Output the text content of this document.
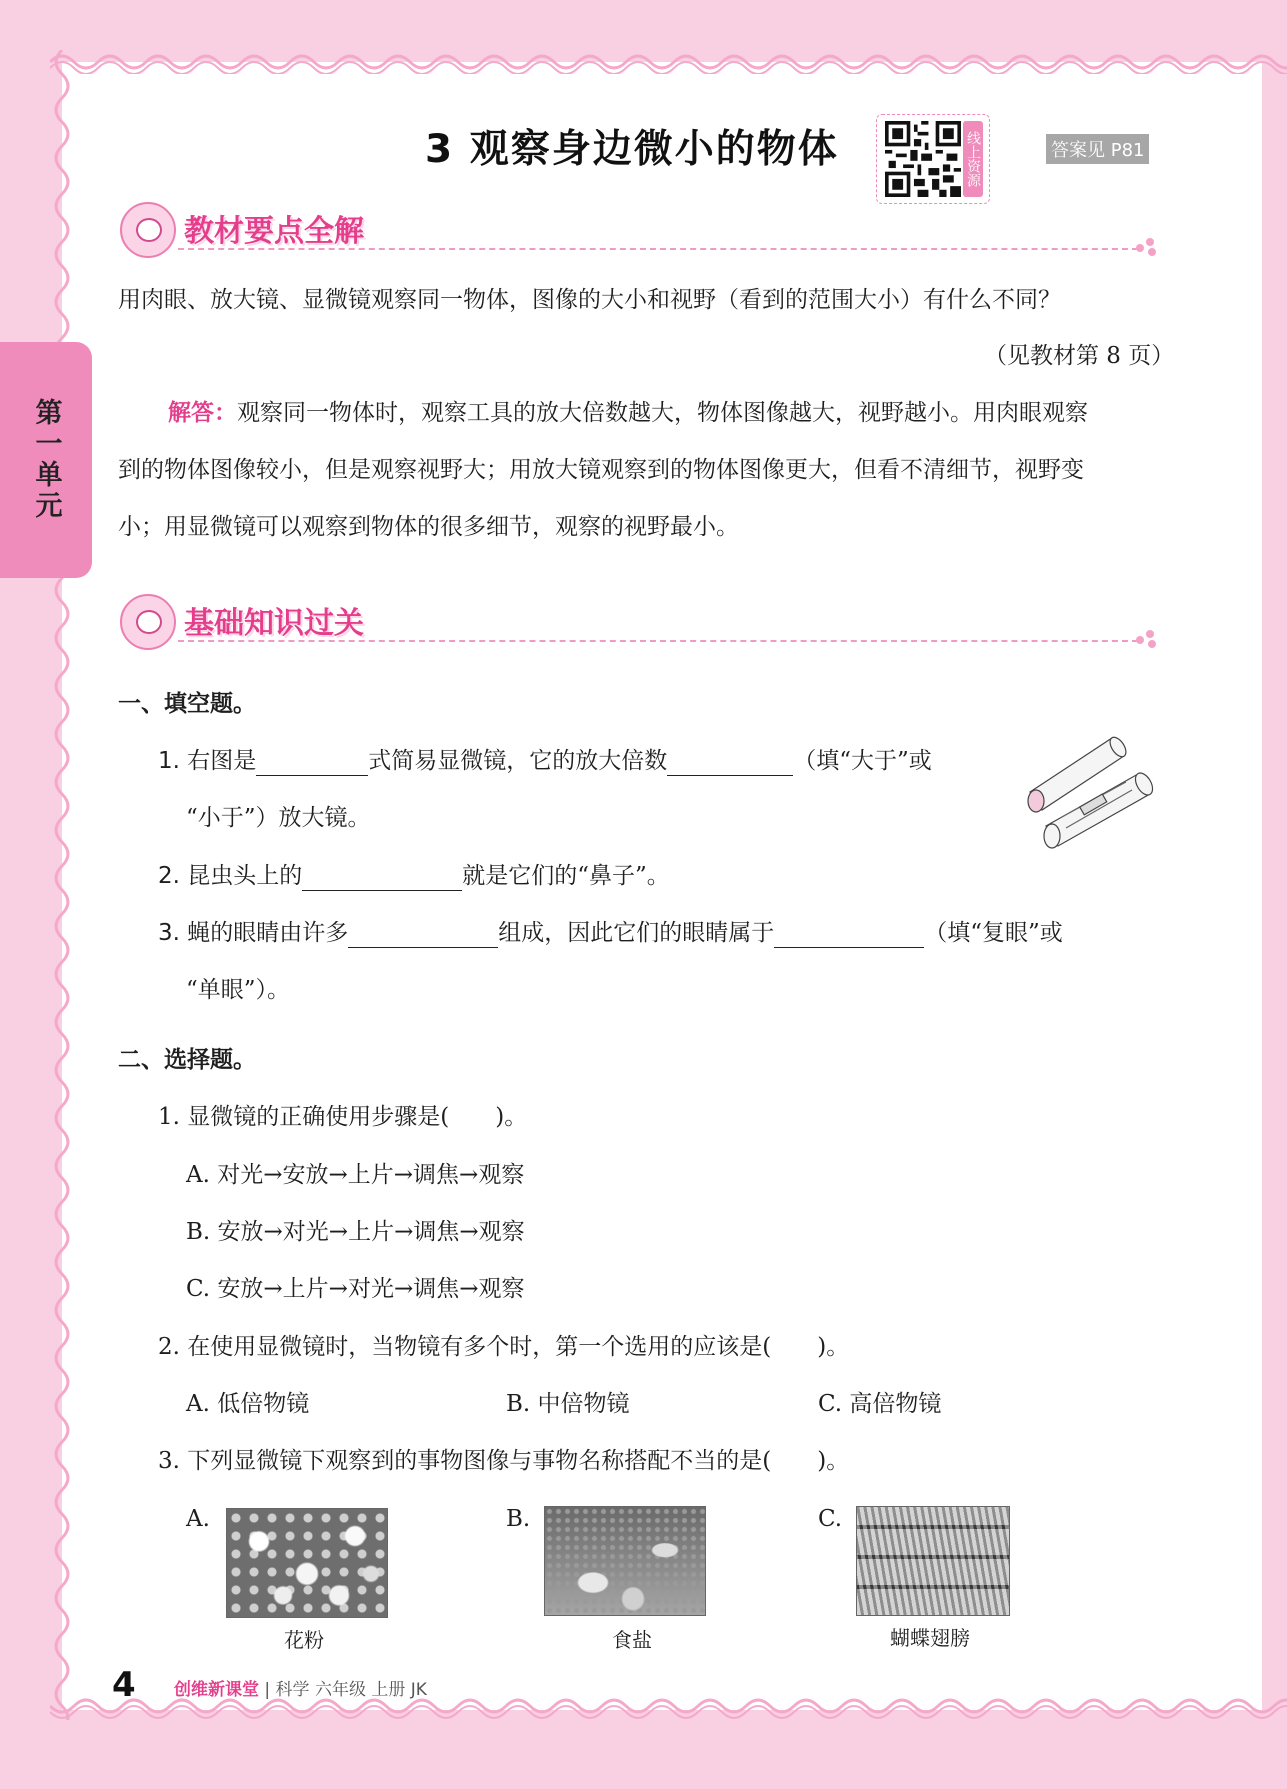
第一单元
3 观察身边微小的物体	线上资源	答案见 P81
教材要点全解
用肉眼、放大镜、显微镜观察同一物体，图像的大小和视野（看到的范围大小）有什么不同？
（见教材第 8 页）
解答：观察同一物体时，观察工具的放大倍数越大，物体图像越大，视野越小。用肉眼观察
到的物体图像较小，但是观察视野大；用放大镜观察到的物体图像更大，但看不清细节，视野变
小；用显微镜可以观察到物体的很多细节，观察的视野最小。
基础知识过关
一、填空题。
1. 右图是	式简易显微镜，它的放大倍数	（填“大于”或
“小于”）放大镜。
2. 昆虫头上的	就是它们的“鼻子”。
3. 蝇的眼睛由许多	组成，因此它们的眼睛属于	（填“复眼”或
“单眼”）。
二、选择题。
1. 显微镜的正确使用步骤是(　　)。
A. 对光→安放→上片→调焦→观察
B. 安放→对光→上片→调焦→观察
C. 安放→上片→对光→调焦→观察
2. 在使用显微镜时，当物镜有多个时，第一个选用的应该是(　　)。
A. 低倍物镜	B. 中倍物镜	C. 高倍物镜
3. 下列显微镜下观察到的事物图像与事物名称搭配不当的是(　　)。
A.
花粉
B.
食盐
C.
蝴蝶翅膀
4 创维新课堂 | 科学 六年级 上册 JK
